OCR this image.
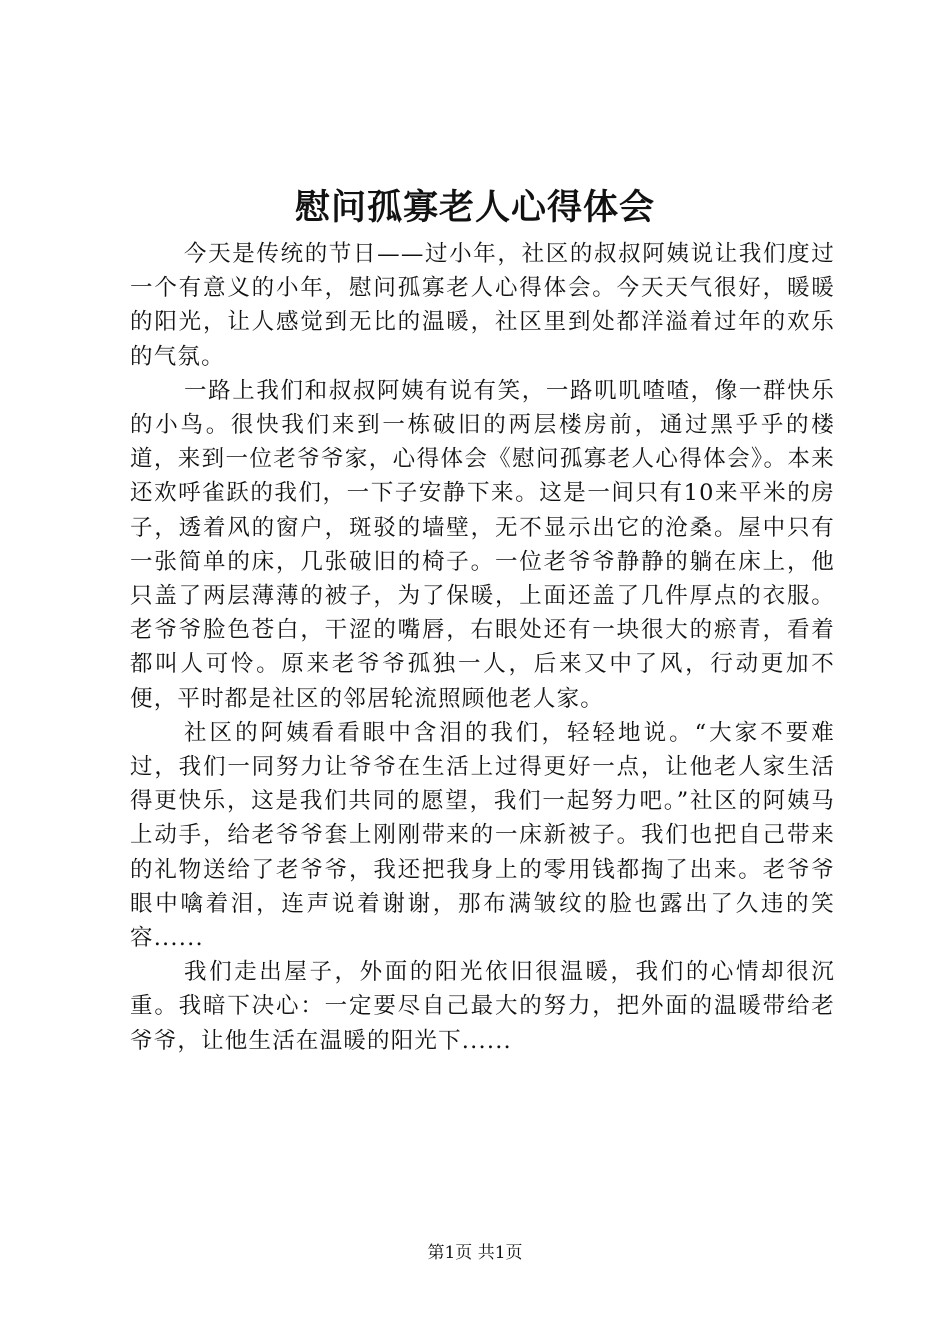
慰问孤寡老人心得体会

今天是传统的节日——过小年，社区的叔叔阿姨说让我们度过一个有意义的小年，慰问孤寡老人心得体会。今天天气很好，暖暖的阳光，让人感觉到无比的温暖，社区里到处都洋溢着过年的欢乐的气氛。

一路上我们和叔叔阿姨有说有笑，一路叽叽喳喳，像一群快乐的小鸟。很快我们来到一栋破旧的两层楼房前，通过黑乎乎的楼道，来到一位老爷爷家，心得体会《慰问孤寡老人心得体会》。本来还欢呼雀跃的我们，一下子安静下来。这是一间只有10来平米的房子，透着风的窗户，斑驳的墙壁，无不显示出它的沧桑。屋中只有一张简单的床，几张破旧的椅子。一位老爷爷静静的躺在床上，他只盖了两层薄薄的被子，为了保暖，上面还盖了几件厚点的衣服。老爷爷脸色苍白，干涩的嘴唇，右眼处还有一块很大的瘀青，看着都叫人可怜。原来老爷爷孤独一人，后来又中了风，行动更加不便，平时都是社区的邻居轮流照顾他老人家。

社区的阿姨看看眼中含泪的我们，轻轻地说。“大家不要难过，我们一同努力让爷爷在生活上过得更好一点，让他老人家生活得更快乐，这是我们共同的愿望，我们一起努力吧。”社区的阿姨马上动手，给老爷爷套上刚刚带来的一床新被子。我们也把自己带来的礼物送给了老爷爷，我还把我身上的零用钱都掏了出来。老爷爷眼中噙着泪，连声说着谢谢，那布满皱纹的脸也露出了久违的笑容......

我们走出屋子，外面的阳光依旧很温暖，我们的心情却很沉重。我暗下决心：一定要尽自己最大的努力，把外面的温暖带给老爷爷，让他生活在温暖的阳光下......

第1页 共1页
